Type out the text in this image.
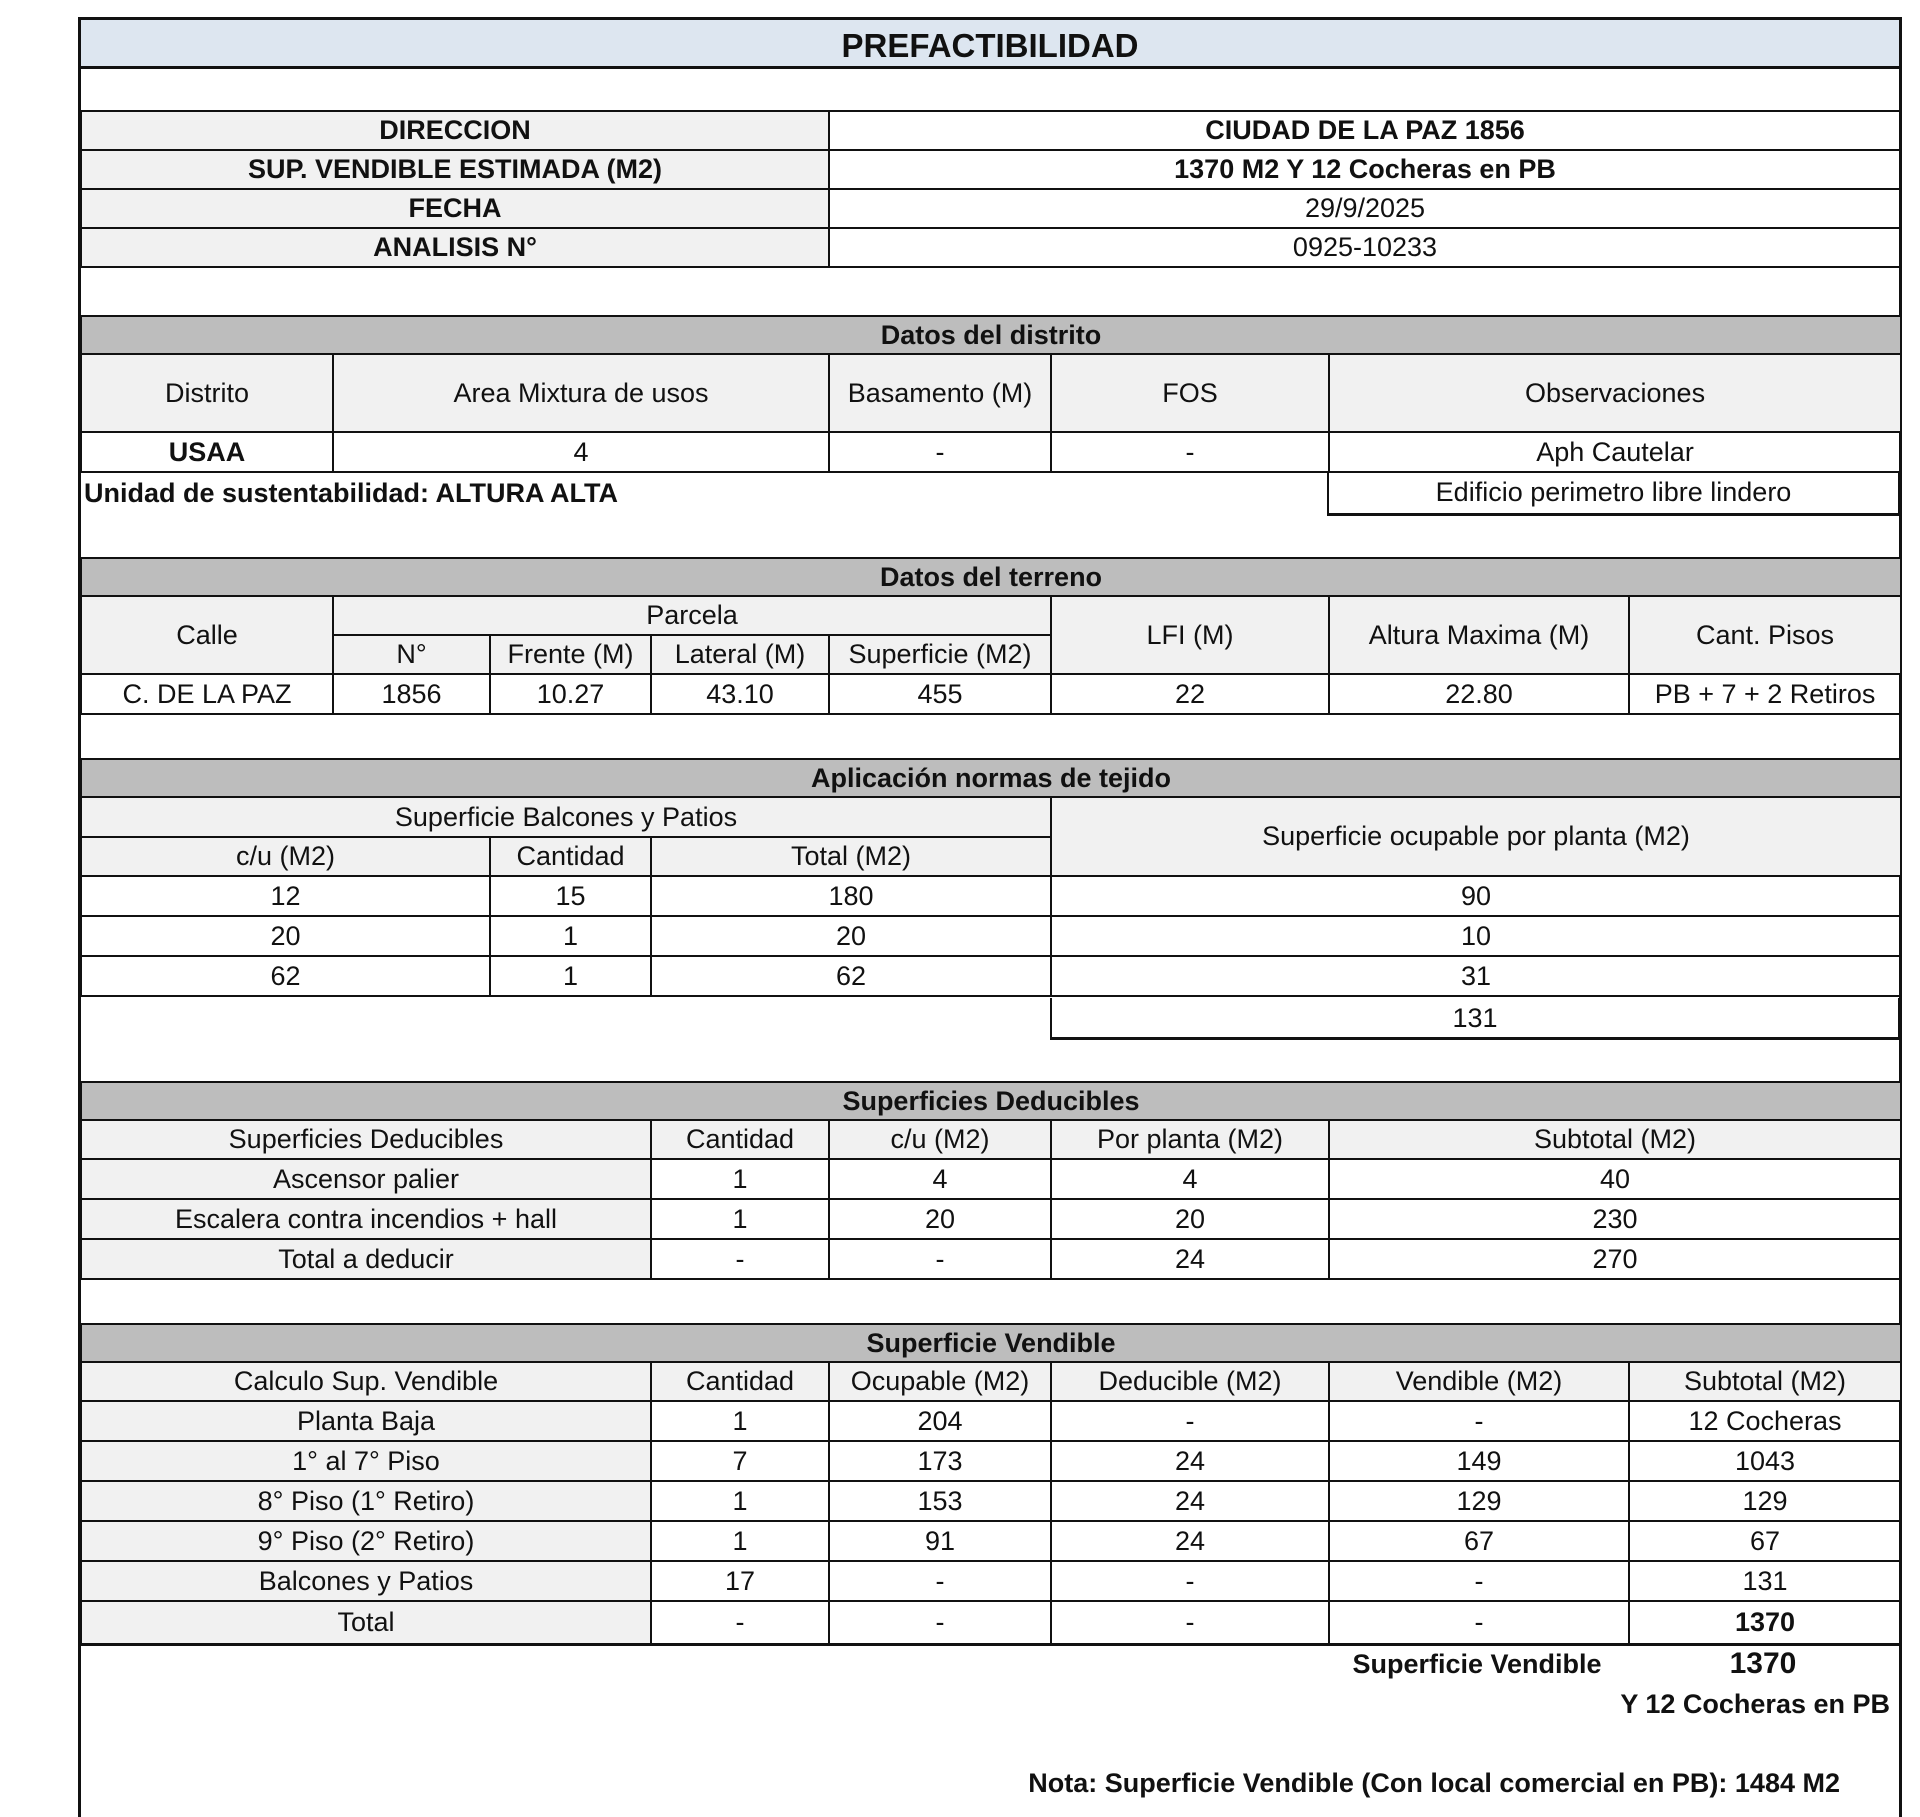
PREFACTIBILIDAD
DIRECCION	CIUDAD DE LA PAZ 1856
SUP. VENDIBLE ESTIMADA (M2)	1370 M2 Y 12 Cocheras en PB
FECHA	29/9/2025
ANALISIS N°	0925-10233
Datos del distrito				
Distrito	Area Mixtura de usos	Basamento (M)	FOS	Observaciones
USAA	4	-	-	Aph Cautelar
Unidad de sustentabilidad: ALTURA ALTA	Edificio perimetro libre lindero
Datos del terreno							
Calle	Parcela				LFI (M)	Altura Maxima (M)	Cant. Pisos
	N°	Frente (M)	Lateral (M)	Superficie (M2)			
C. DE LA PAZ	1856	10.27	43.10	455	22	22.80	PB + 7 + 2 Retiros
Aplicación normas de tejido			
Superficie Balcones y Patios			Superficie ocupable por planta (M2)
c/u (M2)	Cantidad	Total (M2)	
12	15	180	90
20	1	20	10
62	1	62	31
131
Superficies Deducibles				
Superficies Deducibles	Cantidad	c/u (M2)	Por planta (M2)	Subtotal (M2)
Ascensor palier	1	4	4	40
Escalera contra incendios + hall	1	20	20	230
Total a deducir	-	-	24	270
Superficie Vendible					
Calculo Sup. Vendible	Cantidad	Ocupable (M2)	Deducible (M2)	Vendible (M2)	Subtotal (M2)
Planta Baja	1	204	-	-	12 Cocheras
1° al 7° Piso	7	173	24	149	1043
8° Piso (1° Retiro)	1	153	24	129	129
9° Piso (2° Retiro)	1	91	24	67	67
Balcones y Patios	17	-	-	-	131
Total	-	-	-	-	1370
Superficie Vendible	1370
Y 12 Cocheras en PB
Nota: Superficie Vendible (Con local comercial en PB): 1484 M2
